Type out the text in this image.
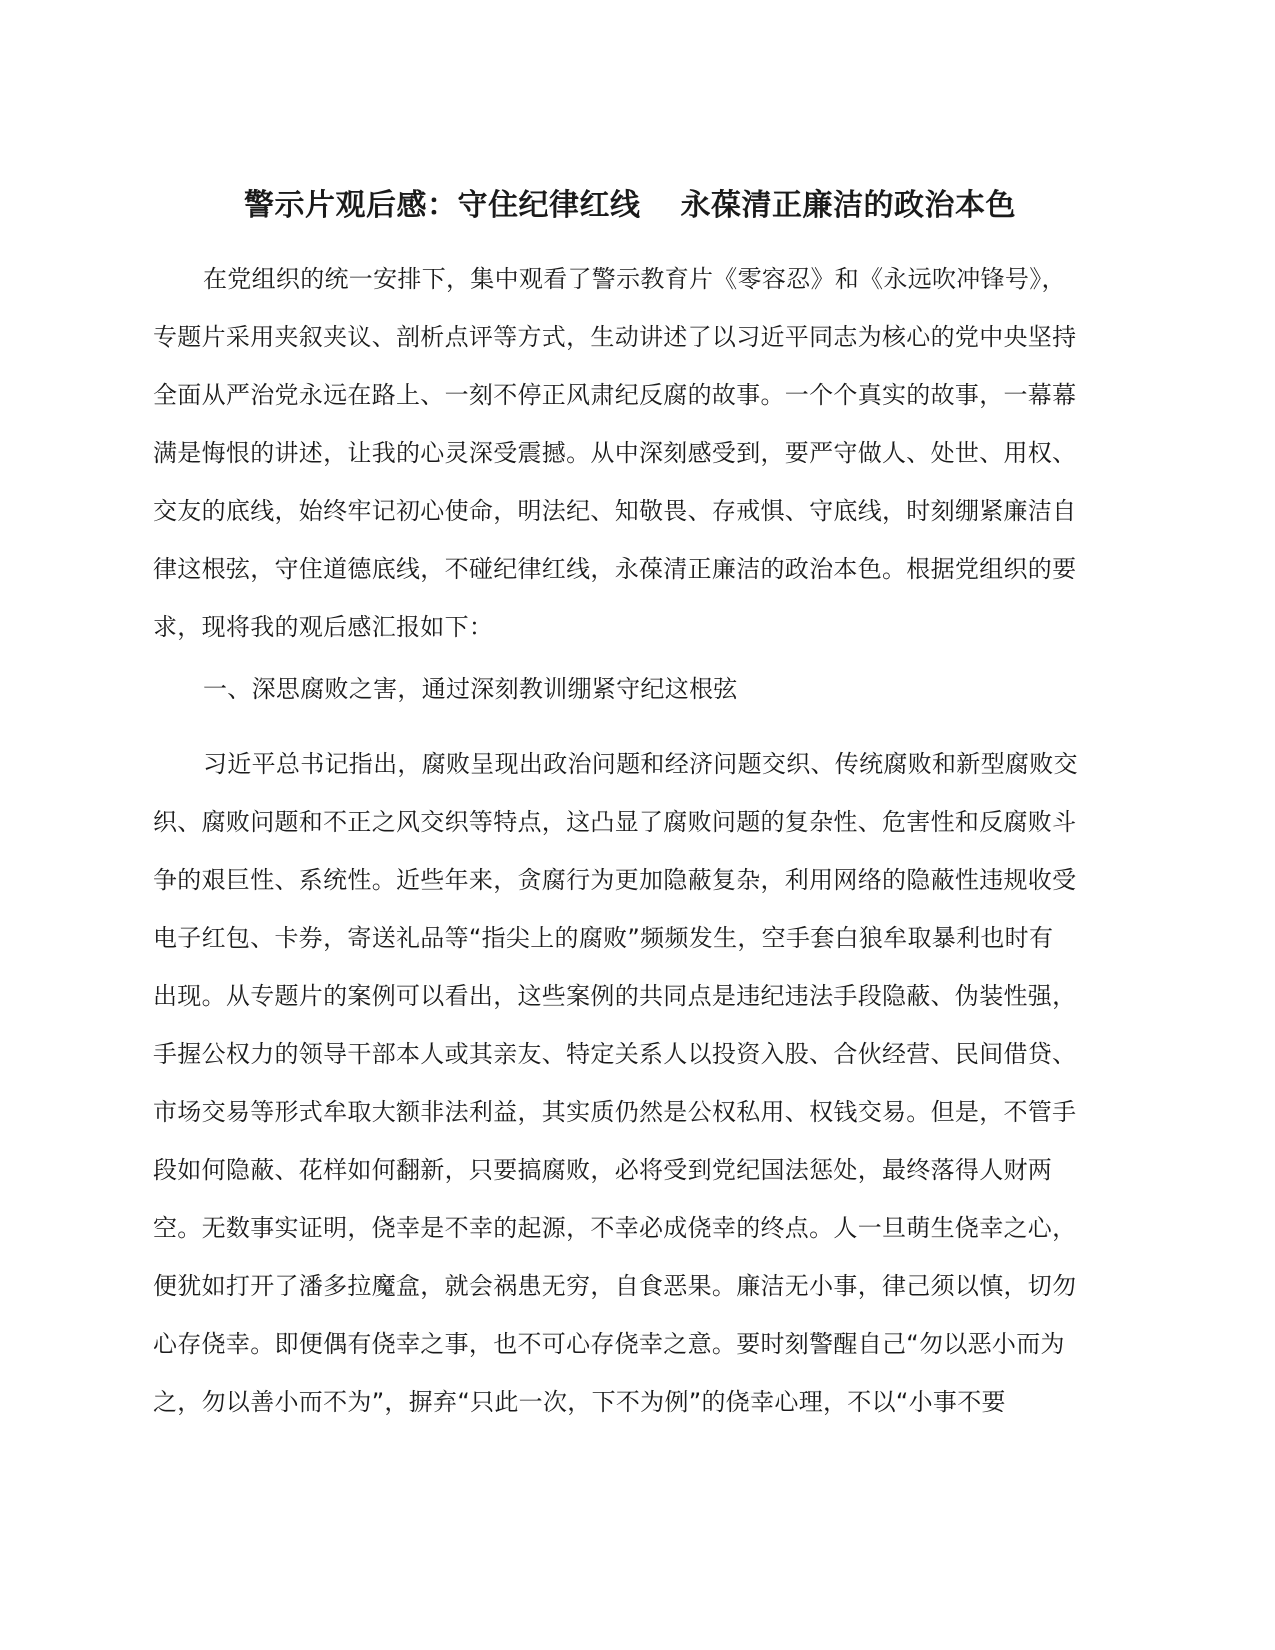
警示片观后感：守住纪律红线 永葆清正廉洁的政治本色
在党组织的统一安排下，集中观看了警示教育片《零容忍》和《永远吹冲锋号》，
专题片采用夹叙夹议、剖析点评等方式，生动讲述了以习近平同志为核心的党中央坚持
全面从严治党永远在路上、一刻不停正风肃纪反腐的故事。一个个真实的故事，一幕幕
满是悔恨的讲述，让我的心灵深受震撼。从中深刻感受到，要严守做人、处世、用权、
交友的底线，始终牢记初心使命，明法纪、知敬畏、存戒惧、守底线，时刻绷紧廉洁自
律这根弦，守住道德底线，不碰纪律红线，永葆清正廉洁的政治本色。根据党组织的要
求，现将我的观后感汇报如下：
一、深思腐败之害，通过深刻教训绷紧守纪这根弦
习近平总书记指出，腐败呈现出政治问题和经济问题交织、传统腐败和新型腐败交
织、腐败问题和不正之风交织等特点，这凸显了腐败问题的复杂性、危害性和反腐败斗
争的艰巨性、系统性。近些年来，贪腐行为更加隐蔽复杂，利用网络的隐蔽性违规收受
电子红包、卡券，寄送礼品等“指尖上的腐败”频频发生，空手套白狼牟取暴利也时有
出现。从专题片的案例可以看出，这些案例的共同点是违纪违法手段隐蔽、伪装性强，
手握公权力的领导干部本人或其亲友、特定关系人以投资入股、合伙经营、民间借贷、
市场交易等形式牟取大额非法利益，其实质仍然是公权私用、权钱交易。但是，不管手
段如何隐蔽、花样如何翻新，只要搞腐败，必将受到党纪国法惩处，最终落得人财两
空。无数事实证明，侥幸是不幸的起源，不幸必成侥幸的终点。人一旦萌生侥幸之心，
便犹如打开了潘多拉魔盒，就会祸患无穷，自食恶果。廉洁无小事，律己须以慎，切勿
心存侥幸。即便偶有侥幸之事，也不可心存侥幸之意。要时刻警醒自己“勿以恶小而为
之，勿以善小而不为”，摒弃“只此一次，下不为例”的侥幸心理，不以“小事不要
